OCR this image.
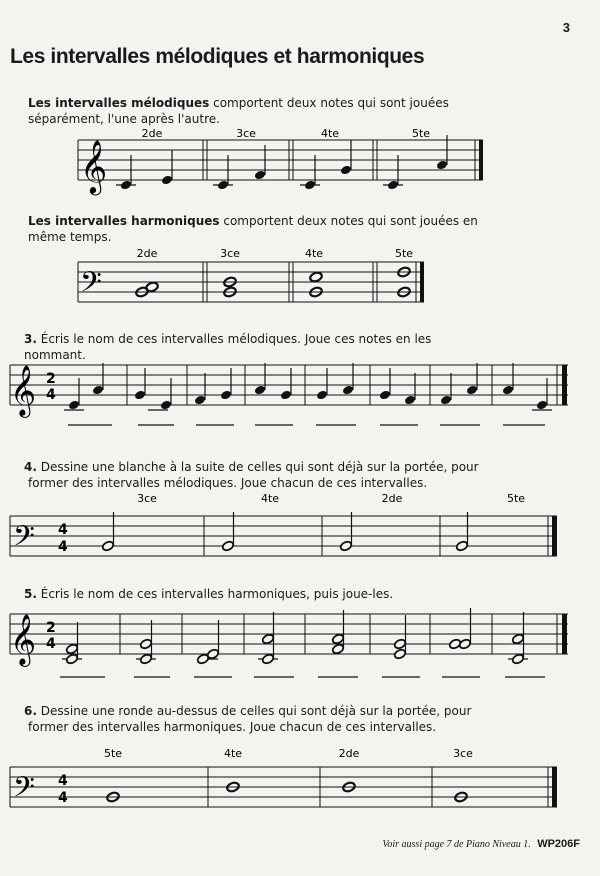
3
Les intervalles mélodiques et harmoniques
Les intervalles mélodiques comportent deux notes qui sont jouées
séparément, l'une après l'autre.
Les intervalles harmoniques comportent deux notes qui sont jouées en
même temps.
3. Écris le nom de ces intervalles mélodiques. Joue ces notes en les
nommant.
4. Dessine une blanche à la suite de celles qui sont déjà sur la portée, pour
former des intervalles mélodiques. Joue chacun de ces intervalles.
5. Écris le nom de ces intervalles harmoniques, puis joue-les.
6. Dessine une ronde au-dessus de celles qui sont déjà sur la portée, pour
former des intervalles harmoniques. Joue chacun de ces intervalles.
𝄞
2de	3ce	4te	5te
𝄢
2de	3ce	4te	5te
𝄞 2
4
𝄢 4
4
3ce	4te	2de	5te
𝄞 2
4
𝄢 4
4
5te	4te	2de	3ce
Voir aussi page 7 de Piano Niveau 1. WP206F
